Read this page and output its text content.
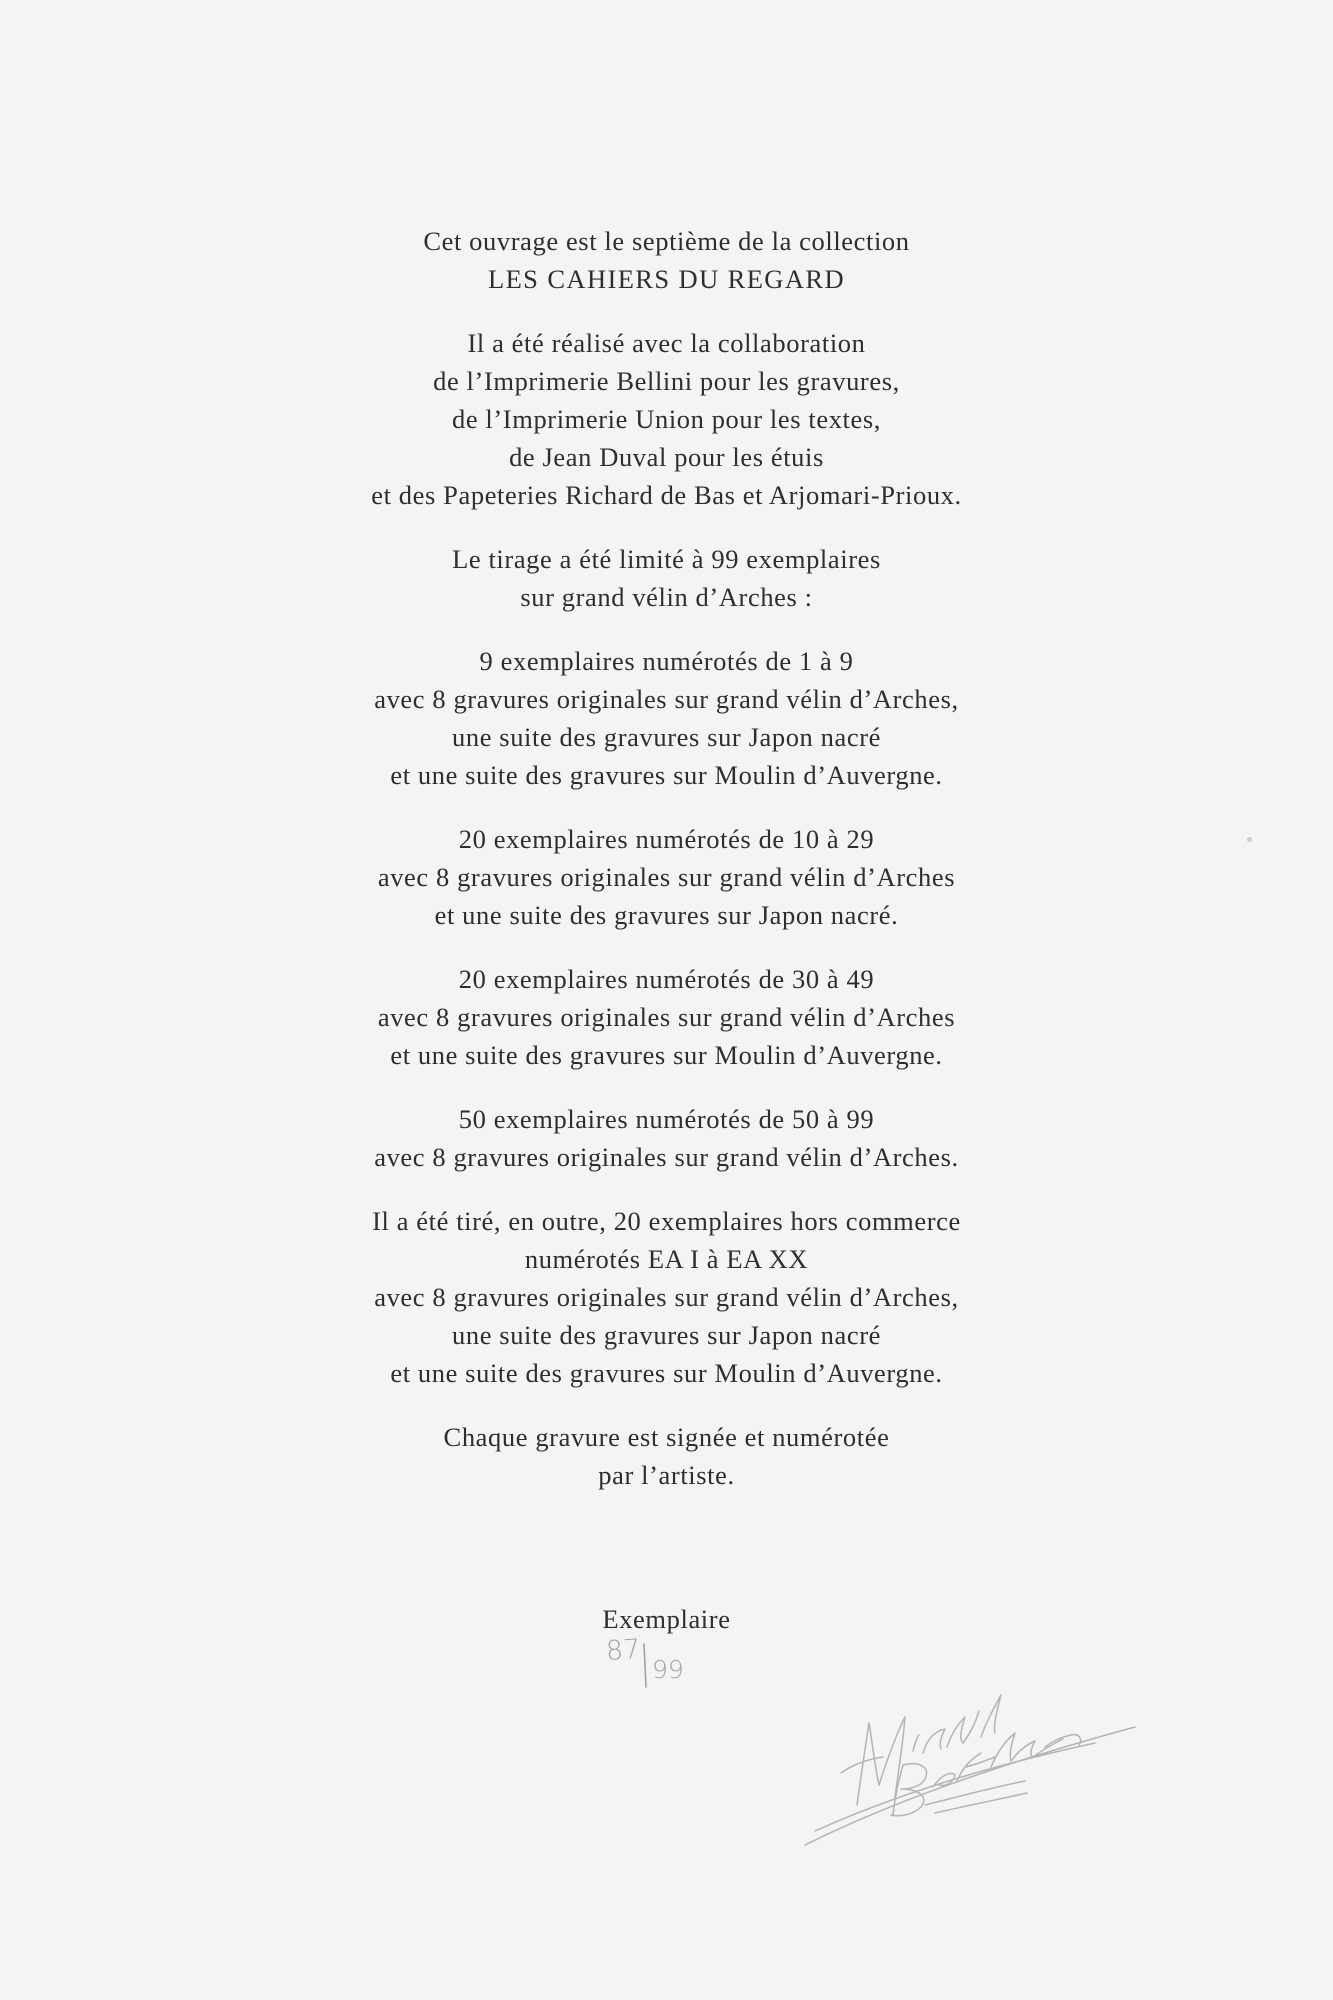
Cet ouvrage est le septième de la collection
LES CAHIERS DU REGARD
Il a été réalisé avec la collaboration
de l’Imprimerie Bellini pour les gravures,
de l’Imprimerie Union pour les textes,
de Jean Duval pour les étuis
et des Papeteries Richard de Bas et Arjomari-Prioux.
Le tirage a été limité à 99 exemplaires
sur grand vélin d’Arches :
9 exemplaires numérotés de 1 à 9
avec 8 gravures originales sur grand vélin d’Arches,
une suite des gravures sur Japon nacré
et une suite des gravures sur Moulin d’Auvergne.
20 exemplaires numérotés de 10 à 29
avec 8 gravures originales sur grand vélin d’Arches
et une suite des gravures sur Japon nacré.
20 exemplaires numérotés de 30 à 49
avec 8 gravures originales sur grand vélin d’Arches
et une suite des gravures sur Moulin d’Auvergne.
50 exemplaires numérotés de 50 à 99
avec 8 gravures originales sur grand vélin d’Arches.
Il a été tiré, en outre, 20 exemplaires hors commerce
numérotés EA I à EA XX
avec 8 gravures originales sur grand vélin d’Arches,
une suite des gravures sur Japon nacré
et une suite des gravures sur Moulin d’Auvergne.
Chaque gravure est signée et numérotée
par l’artiste.
Exemplaire
87
99
